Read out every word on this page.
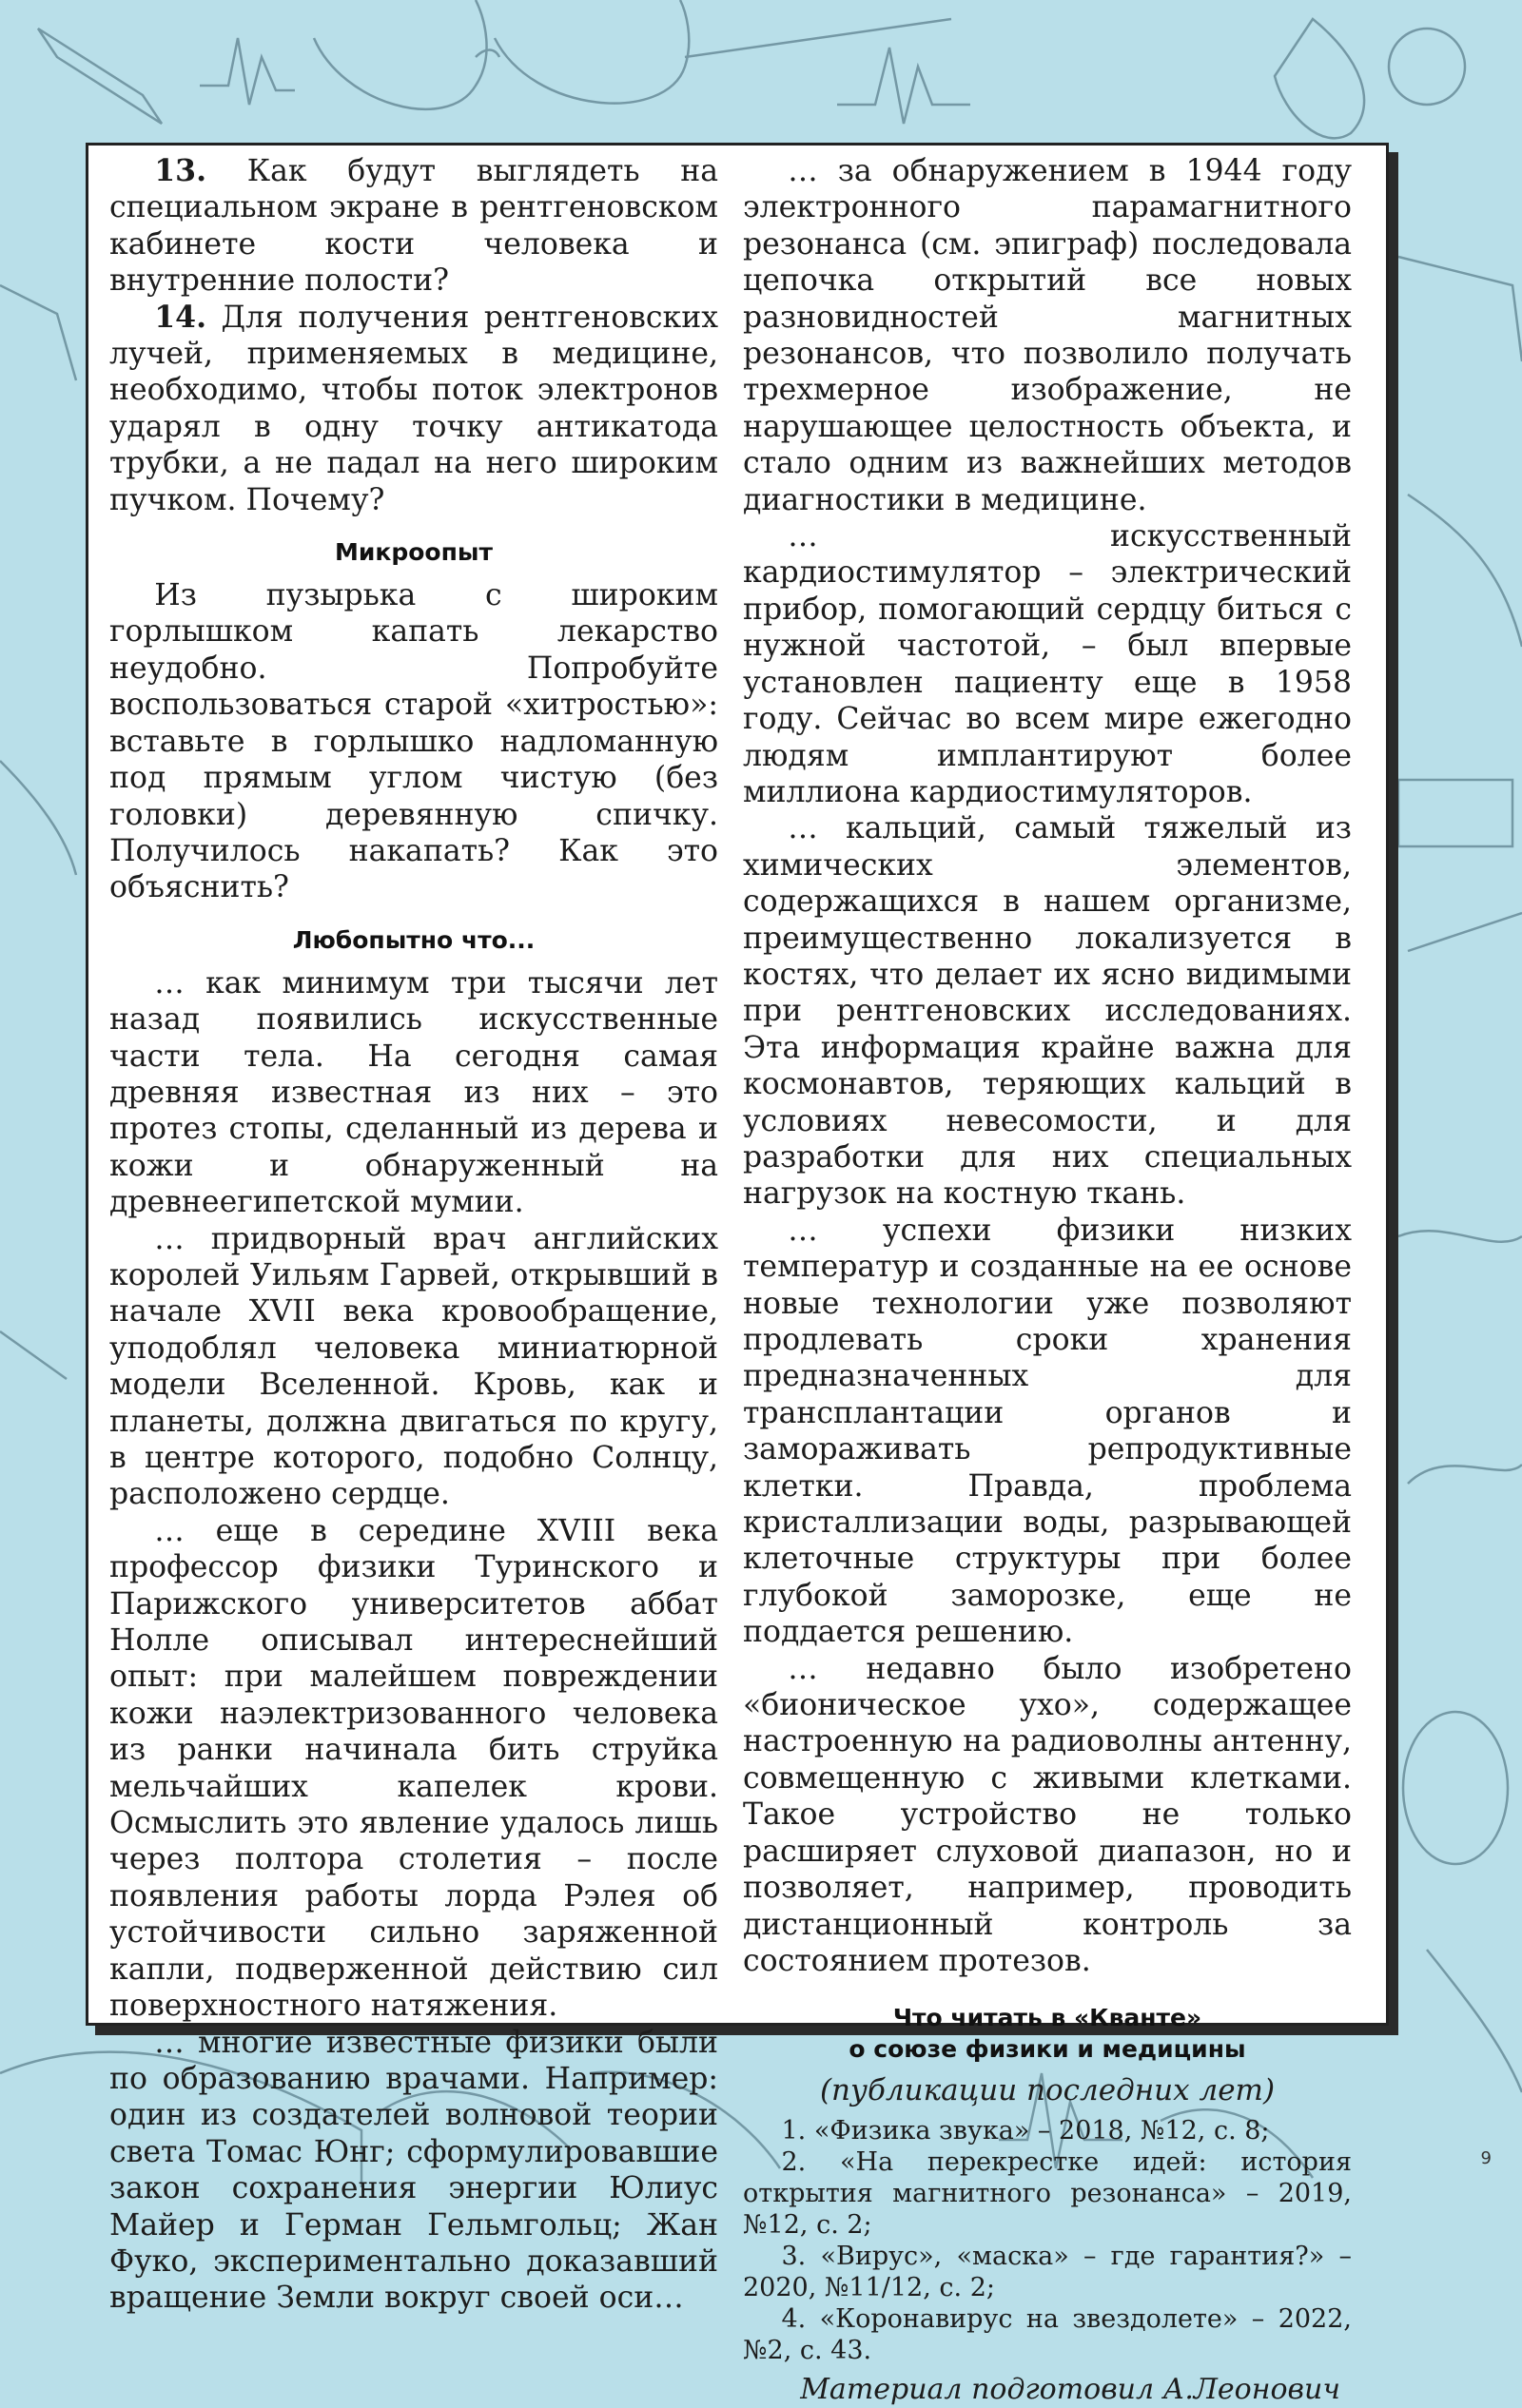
13. Как будут выглядеть на специальном экране в рентгеновском кабинете кости человека и внутренние полости?

14. Для получения рентгеновских лучей, применяемых в медицине, необходимо, чтобы поток электронов ударял в одну точку антикатода трубки, а не падал на него широким пучком. Почему?

Микроопыт

Из пузырька с широким горлышком капать лекарство неудобно. Попробуйте воспользоваться старой «хитростью»: вставьте в горлышко надломанную под прямым углом чистую (без головки) деревянную спичку. Получилось накапать? Как это объяснить?

Любопытно что...

… как минимум три тысячи лет назад появились искусственные части тела. На сегодня самая древняя известная из них – это протез стопы, сделанный из дерева и кожи и обнаруженный на древнеегипетской мумии.

… придворный врач английских королей Уильям Гарвей, открывший в начале XVII века кровообращение, уподоблял человека миниатюрной модели Вселенной. Кровь, как и планеты, должна двигаться по кругу, в центре которого, подобно Солнцу, расположено сердце.

… еще в середине XVIII века профессор физики Туринского и Парижского университетов аббат Нолле описывал интереснейший опыт: при малейшем повреждении кожи наэлектризованного человека из ранки начинала бить струйка мельчайших капелек крови. Осмыслить это явление удалось лишь через полтора столетия – после появления работы лорда Рэлея об устойчивости сильно заряженной капли, подверженной действию сил поверхностного натяжения.

… многие известные физики были по образованию врачами. Например: один из создателей волновой теории света Томас Юнг; сформулировавшие закон сохранения энергии Юлиус Майер и Герман Гельмгольц; Жан Фуко, экспериментально доказавший вращение Земли вокруг своей оси…

… за обнаружением в 1944 году электронного парамагнитного резонанса (см. эпиграф) последовала цепочка открытий все новых разновидностей магнитных резонансов, что позволило получать трехмерное изображение, не нарушающее целостность объекта, и стало одним из важнейших методов диагностики в медицине.

… искусственный кардиостимулятор – электрический прибор, помогающий сердцу биться с нужной частотой, – был впервые установлен пациенту еще в 1958 году. Сейчас во всем мире ежегодно людям имплантируют более миллиона кардиостимуляторов.

… кальций, самый тяжелый из химических элементов, содержащихся в нашем организме, преимущественно локализуется в костях, что делает их ясно видимыми при рентгеновских исследованиях. Эта информация крайне важна для космонавтов, теряющих кальций в условиях невесомости, и для разработки для них специальных нагрузок на костную ткань.

… успехи физики низких температур и созданные на ее основе новые технологии уже позволяют продлевать сроки хранения предназначенных для трансплантации органов и замораживать репродуктивные клетки. Правда, проблема кристаллизации воды, разрывающей клеточные структуры при более глубокой заморозке, еще не поддается решению.

… недавно было изобретено «бионическое ухо», содержащее настроенную на радиоволны антенну, совмещенную с живыми клетками. Такое устройство не только расширяет слуховой диапазон, но и позволяет, например, проводить дистанционный контроль за состоянием протезов.

Что читать в «Кванте»
о союзе физики и медицины
(публикации последних лет)

1. «Физика звука» – 2018, №12, с. 8;

2. «На перекрестке идей: история открытия магнитного резонанса» – 2019, №12, с. 2;

3. «Вирус», «маска» – где гарантия?» – 2020, №11/12, с. 2;

4. «Коронавирус на звездолете» – 2022, №2, с. 43.

Материал подготовил А.Леонович
9
